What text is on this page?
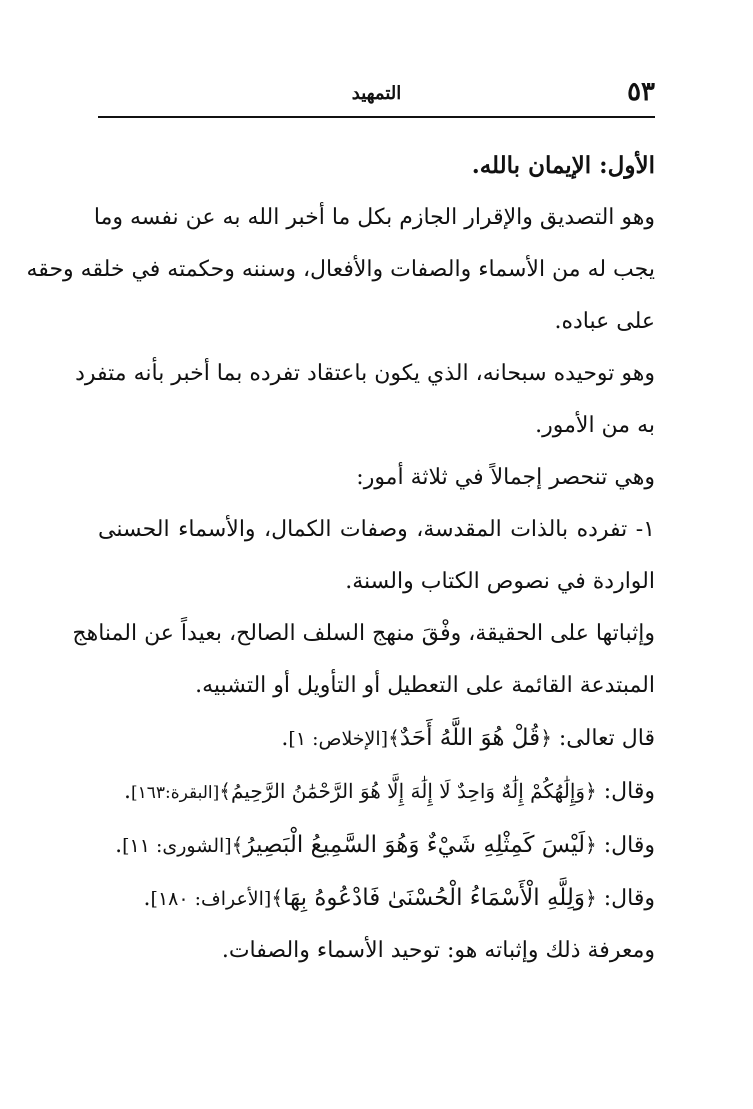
٥٣
التمهيد

الأول: الإيمان بالله.

وهو التصديق والإقرار الجازم بكل ما أخبر الله به عن نفسه وما

يجب له من الأسماء والصفات والأفعال، وسننه وحكمته في خلقه وحقه

على عباده.

وهو توحيده سبحانه، الذي يكون باعتقاد تفرده بما أخبر بأنه متفرد

به من الأمور.

وهي تنحصر إجمالاً في ثلاثة أمور:

١- تفرده بالذات المقدسة، وصفات الكمال، والأسماء الحسنى

الواردة في نصوص الكتاب والسنة.

وإثباتها على الحقيقة، وفْقَ منهج السلف الصالح، بعيداً عن المناهج

المبتدعة القائمة على التعطيل أو التأويل أو التشبيه.

قال تعالى: ﴿قُلْ هُوَ اللَّهُ أَحَدٌ﴾[الإخلاص: ١].

وقال: ﴿وَإِلَٰهُكُمْ إِلَٰهٌ وَاحِدٌ لَا إِلَٰهَ إِلَّا هُوَ الرَّحْمَٰنُ الرَّحِيمُ﴾[البقرة:١٦٣].

وقال: ﴿لَيْسَ كَمِثْلِهِ شَيْءٌ وَهُوَ السَّمِيعُ الْبَصِيرُ﴾[الشورى: ١١].

وقال: ﴿وَلِلَّهِ الْأَسْمَاءُ الْحُسْنَىٰ فَادْعُوهُ بِهَا﴾[الأعراف: ١٨٠].

ومعرفة ذلك وإثباته هو: توحيد الأسماء والصفات.
